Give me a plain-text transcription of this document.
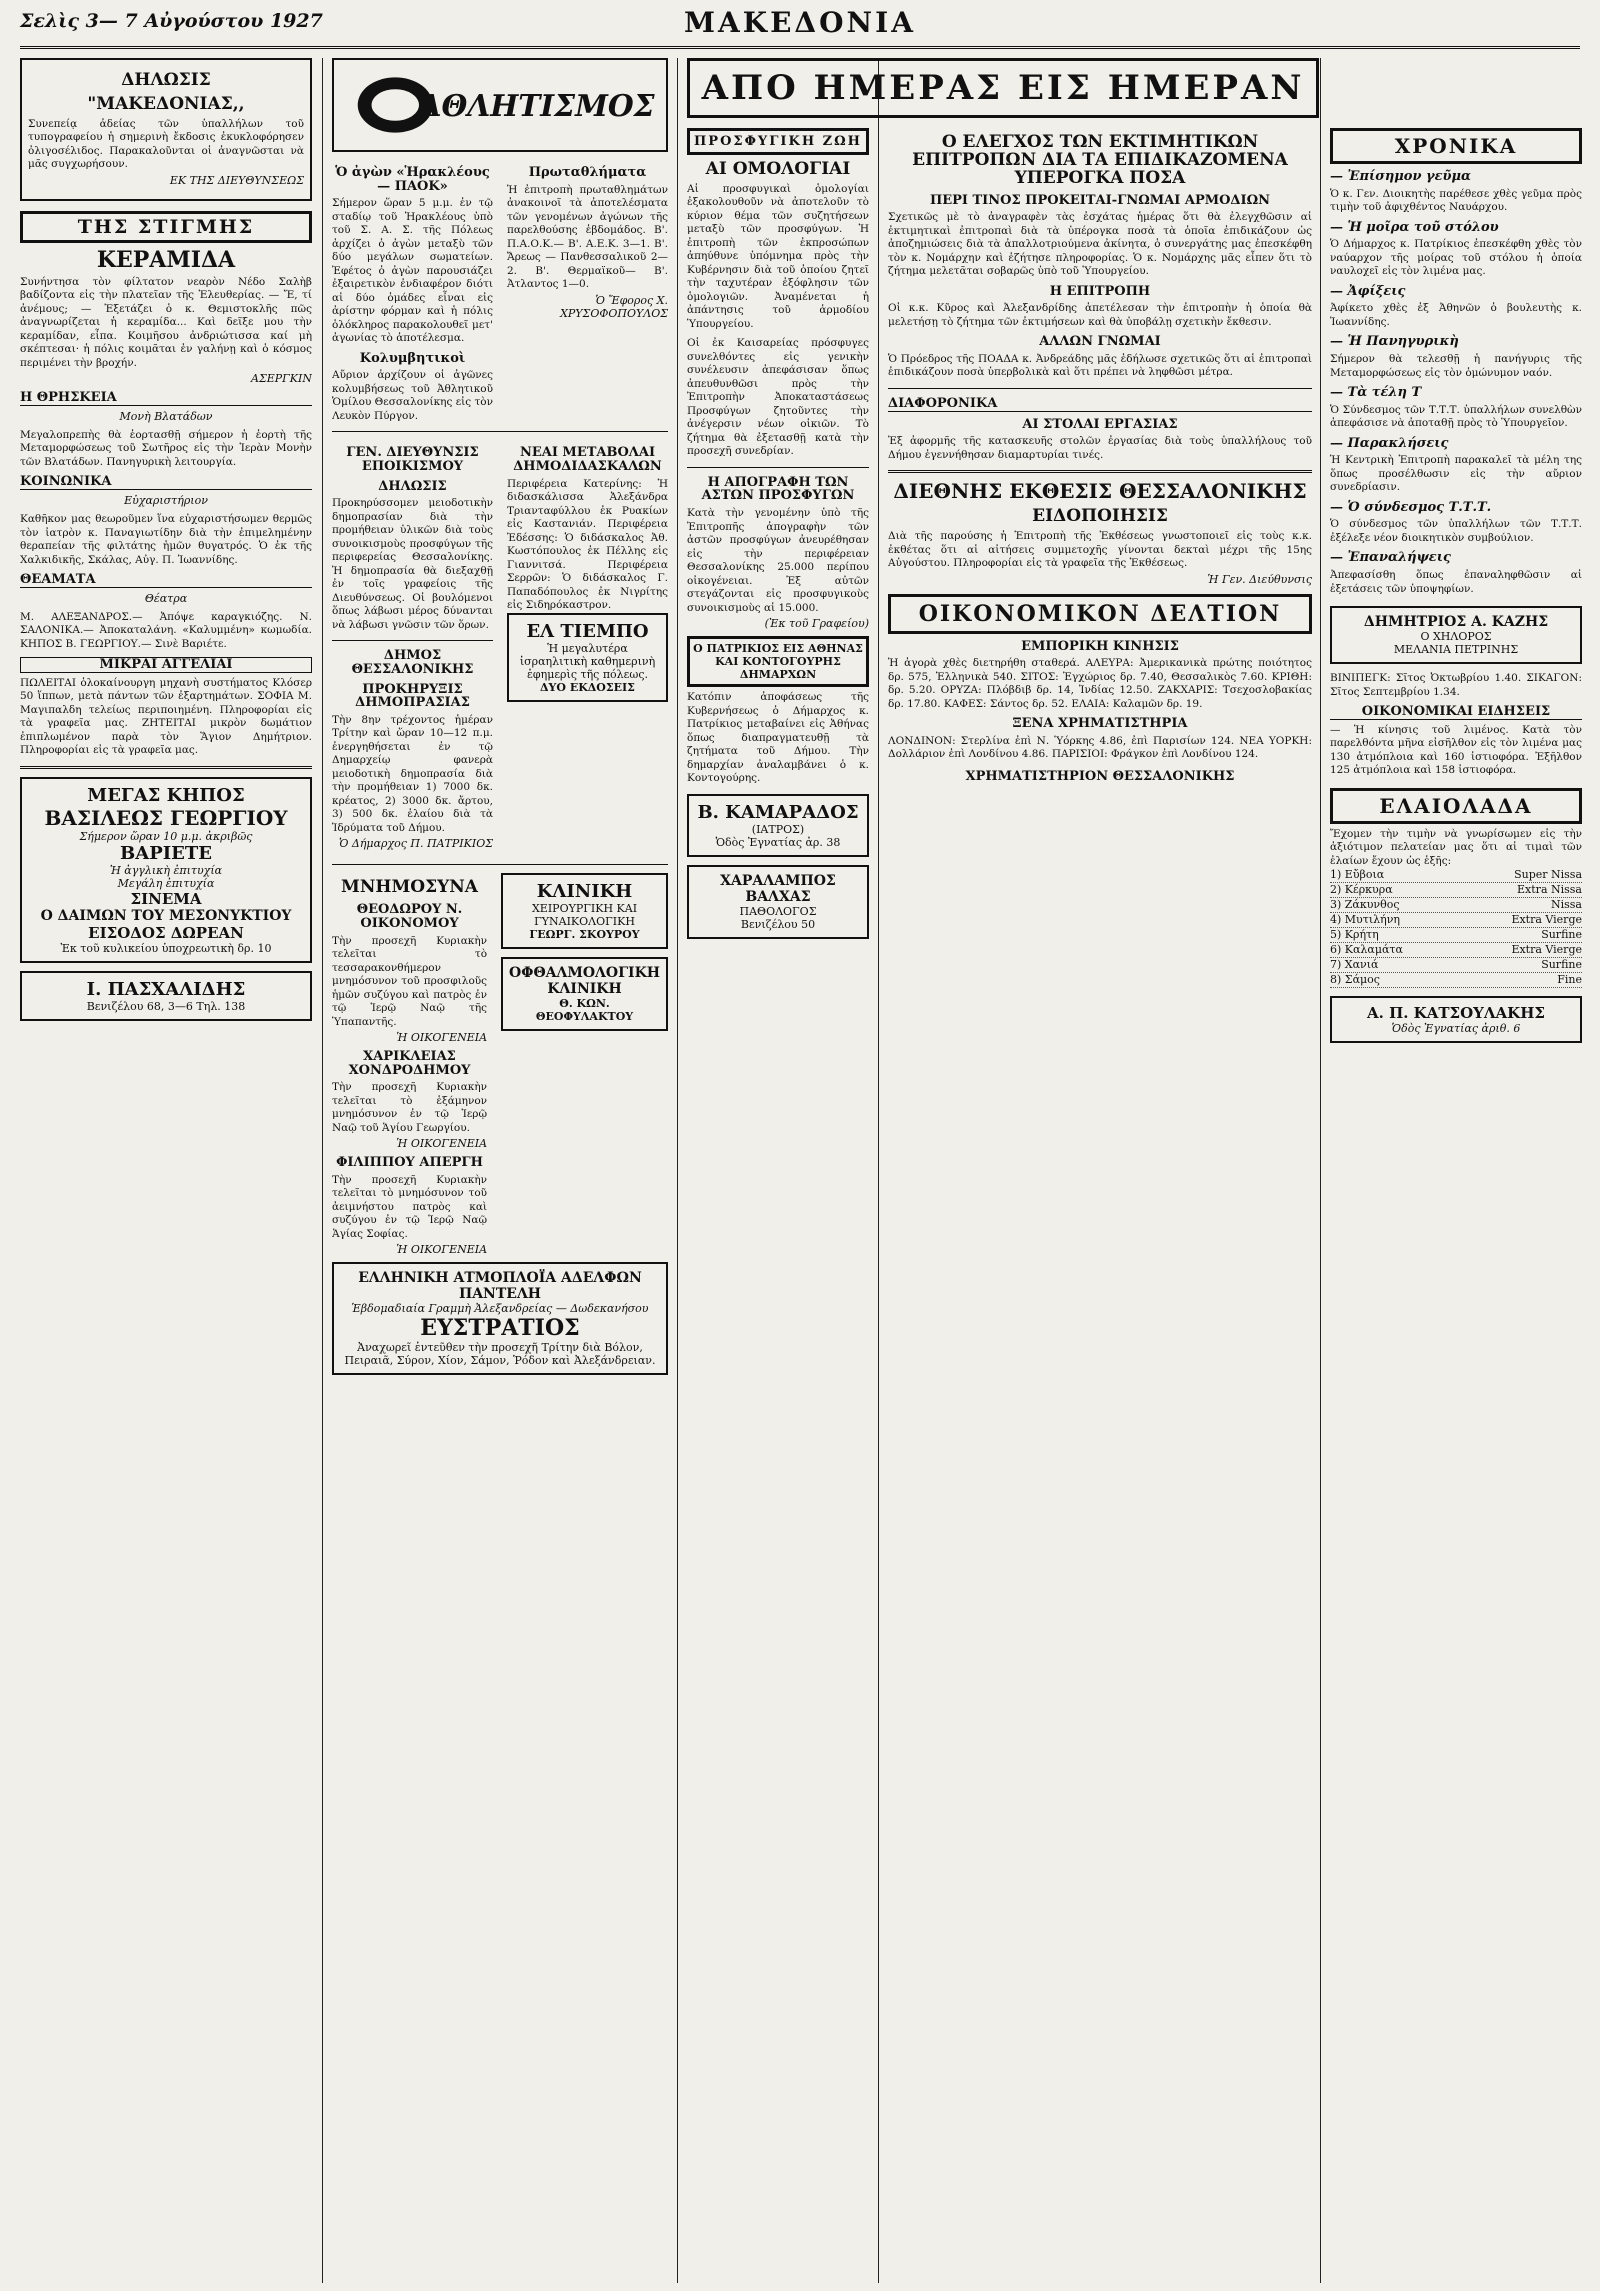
Σελὶς 3— 7 Αὐγούστου 1927	ΜΑΚΕΔΟΝΙΑ
ΔΗΛΩΣΙΣ
"ΜΑΚΕΔΟΝΙΑΣ,,
Συνεπείᾳ ἀδείας τῶν ὑπαλλήλων τοῦ τυπογραφείου ἡ σημερινὴ ἔκδοσις ἐκυκλοφόρησεν ὀλιγοσέλιδος. Παρακαλοῦνται οἱ ἀναγνῶσται νὰ μᾶς συγχωρήσουν.
ΕΚ ΤΗΣ ΔΙΕΥΘΥΝΣΕΩΣ
ΤΗΣ ΣΤΙΓΜΗΣ
ΚΕΡΑΜΙΔΑ
Συνήντησα τὸν φίλτατον νεαρὸν Νέδο Σαλὴβ βαδίζοντα εἰς τὴν πλατεῖαν τῆς Ἐλευθερίας. — Ἔ, τί ἀνέμους; — Ἐξετάζει ὁ κ. Θεμιστοκλῆς πῶς ἀναγνωρίζεται ἡ κεραμίδα... Καὶ δεῖξε μου τὴν κεραμίδαν, εἶπα. Κοιμῆσου ἀνδριώτισσα καί μὴ σκέπτεσαι· ἡ πόλις κοιμᾶται ἐν γαλήνῃ καὶ ὁ κόσμος περιμένει τὴν βροχήν.
ΑΣΕΡΓΚΙΝ
Η ΘΡΗΣΚΕΙΑ
Μονὴ Βλατάδων
Μεγαλοπρεπὴς θὰ ἑορτασθῇ σήμερον ἡ ἑορτὴ τῆς Μεταμορφώσεως τοῦ Σωτῆρος εἰς τὴν Ἱερὰν Μονὴν τῶν Βλατάδων. Πανηγυρικὴ λειτουργία.
ΚΟΙΝΩΝΙΚΑ
Εὐχαριστήριον
Καθῆκον μας θεωροῦμεν ἵνα εὐχαριστήσωμεν θερμῶς τὸν ἰατρὸν κ. Παναγιωτίδην διὰ τὴν ἐπιμελημένην θεραπείαν τῆς φιλτάτης ἡμῶν θυγατρός. Ὁ ἐκ τῆς Χαλκιδικῆς, Σκάλας, Αὐγ. Π. Ἰωαννίδης.
ΘΕΑΜΑΤΑ
Θέατρα
Μ. ΑΛΕΞΑΝΔΡΟΣ.— Ἀπόψε καραγκιόζης. Ν. ΣΑΛΟΝΙΚΑ.— Ἀποκαταλάνη. «Καλυμμένη» κωμωδία. ΚΗΠΟΣ Β. ΓΕΩΡΓΙΟΥ.— Σινὲ Βαριέτε.
ΜΙΚΡΑΙ ΑΓΓΕΛΙΑΙ
ΠΩΛΕΙΤΑΙ ὁλοκαίνουργη μηχανὴ συστήματος Κλόσερ 50 ἵππων, μετὰ πάντων τῶν ἐξαρτημάτων. ΣΟΦΙΑ Μ. Μαγιπαλδη τελείως περιποιημένη. Πληροφορίαι εἰς τὰ γραφεῖα μας. ΖΗΤΕΙΤΑΙ μικρὸν δωμάτιον ἐπιπλωμένον παρὰ τὸν Ἅγιον Δημήτριον. Πληροφορίαι εἰς τὰ γραφεῖα μας.
ΜΕΓΑΣ ΚΗΠΟΣ
ΒΑΣΙΛΕΩΣ ΓΕΩΡΓΙΟΥ
Σήμερον ὥραν 10 μ.μ. ἀκριβῶς
ΒΑΡΙΕΤΕ
Ἡ ἀγγλικὴ ἐπιτυχία
Μεγάλη ἐπιτυχία
ΣΙΝΕΜΑ
Ο ΔΑΙΜΩΝ ΤΟΥ ΜΕΣΟΝΥΚΤΙΟΥ
ΕΙΣΟΔΟΣ ΔΩΡΕΑΝ
Ἐκ τοῦ κυλικείου ὑποχρεωτικὴ δρ. 10
Ι. ΠΑΣΧΑΛΙΔΗΣ
Βενιζέλου 68, 3—6 Τηλ. 138
ΑΘΛΗΤΙΣΜΟΣ
Ὁ ἀγὼν «Ἡρακλέους — ΠΑΟΚ»
Σήμερον ὥραν 5 μ.μ. ἐν τῷ σταδίῳ τοῦ Ἡρακλέους ὑπὸ τοῦ Σ. Α. Σ. τῆς Πόλεως ἀρχίζει ὁ ἀγὼν μεταξὺ τῶν δύο μεγάλων σωματείων. Ἐφέτος ὁ ἀγὼν παρουσιάζει ἐξαιρετικὸν ἐνδιαφέρον διότι αἱ δύο ὁμάδες εἶναι εἰς ἀρίστην φόρμαν καὶ ἡ πόλις ὁλόκληρος παρακολουθεῖ μετ' ἀγωνίας τὸ ἀποτέλεσμα.
Κολυμβητικοὶ
Αὔριον ἀρχίζουν οἱ ἀγῶνες κολυμβήσεως τοῦ Ἀθλητικοῦ Ὁμίλου Θεσσαλονίκης εἰς τὸν Λευκὸν Πύργον.
Πρωταθλήματα
Ἡ ἐπιτροπὴ πρωταθλημάτων ἀνακοινοῖ τὰ ἀποτελέσματα τῶν γενομένων ἀγώνων τῆς παρελθούσης ἑβδομάδος. Β'. Π.Α.Ο.Κ.— Β'. Α.Ε.Κ. 3—1. Β'. Ἄρεως — Πανθεσσαλικοῦ 2—2. Β'. Θερμαϊκοῦ— Β'. Ἀτλαντος 1—0.
Ὁ Ἔφορος Χ. ΧΡΥΣΟΦΟΠΟΥΛΟΣ
ΓΕΝ. ΔΙΕΥΘΥΝΣΙΣ ΕΠΟΙΚΙΣΜΟΥ
ΔΗΛΩΣΙΣ
Προκηρύσσομεν μειοδοτικὴν δημοπρασίαν διὰ τὴν προμήθειαν ὑλικῶν διὰ τοὺς συνοικισμοὺς προσφύγων τῆς περιφερείας Θεσσαλονίκης. Ἡ δημοπρασία θὰ διεξαχθῇ ἐν τοῖς γραφείοις τῆς Διευθύνσεως. Οἱ βουλόμενοι ὅπως λάβωσι μέρος δύνανται νὰ λάβωσι γνῶσιν τῶν ὅρων.
ΔΗΜΟΣ ΘΕΣΣΑΛΟΝΙΚΗΣ
ΠΡΟΚΗΡΥΞΙΣ ΔΗΜΟΠΡΑΣΙΑΣ
Τὴν 8ην τρέχοντος ἡμέραν Τρίτην καὶ ὥραν 10—12 π.μ. ἐνεργηθήσεται ἐν τῷ Δημαρχείῳ φανερὰ μειοδοτικὴ δημοπρασία διὰ τὴν προμήθειαν 1) 7000 δκ. κρέατος, 2) 3000 δκ. ἄρτου, 3) 500 δκ. ἐλαίου διὰ τὰ Ἱδρύματα τοῦ Δήμου.
Ὁ Δήμαρχος Π. ΠΑΤΡΙΚΙΟΣ
ΝΕΑΙ ΜΕΤΑΒΟΛΑΙ ΔΗΜΟΔΙΔΑΣΚΑΛΩΝ
Περιφέρεια Κατερίνης: Ἡ διδασκάλισσα Ἀλεξάνδρα Τριανταφύλλου ἐκ Ρυακίων εἰς Καστανιάν. Περιφέρεια Ἐδέσσης: Ὁ διδάσκαλος Ἀθ. Κωστόπουλος ἐκ Πέλλης εἰς Γιαννιτσά. Περιφέρεια Σερρῶν: Ὁ διδάσκαλος Γ. Παπαδόπουλος ἐκ Νιγρίτης εἰς Σιδηρόκαστρον.
ΕΛ ΤΙΕΜΠΟ
Ἡ μεγαλυτέρα ἰσραηλιτικὴ καθημερινὴ ἐφημερὶς τῆς πόλεως.
ΔΥΟ ΕΚΔΟΣΕΙΣ
ΜΝΗΜΟΣΥΝΑ
ΘΕΟΔΩΡΟΥ Ν. ΟΙΚΟΝΟΜΟΥ
Τὴν προσεχῆ Κυριακὴν τελεῖται τὸ τεσσαρακονθήμερον μνημόσυνον τοῦ προσφιλοῦς ἡμῶν συζύγου καὶ πατρὸς ἐν τῷ Ἱερῷ Ναῷ τῆς Ὑπαπαντῆς.
Ἡ ΟΙΚΟΓΕΝΕΙΑ
ΧΑΡΙΚΛΕΙΑΣ ΧΟΝΔΡΟΔΗΜΟΥ
Τὴν προσεχῆ Κυριακὴν τελεῖται τὸ ἑξάμηνον μνημόσυνον ἐν τῷ Ἱερῷ Ναῷ τοῦ Ἁγίου Γεωργίου.
Ἡ ΟΙΚΟΓΕΝΕΙΑ
ΦΙΛΙΠΠΟΥ ΑΠΕΡΓΗ
Τὴν προσεχῆ Κυριακὴν τελεῖται τὸ μνημόσυνον τοῦ ἀειμνήστου πατρὸς καὶ συζύγου ἐν τῷ Ἱερῷ Ναῷ Ἁγίας Σοφίας.
Ἡ ΟΙΚΟΓΕΝΕΙΑ
ΚΛΙΝΙΚΗ
ΧΕΙΡΟΥΡΓΙΚΗ ΚΑΙ ΓΥΝΑΙΚΟΛΟΓΙΚΗ
ΓΕΩΡΓ. ΣΚΟΥΡΟΥ
ΟΦΘΑΛΜΟΛΟΓΙΚΗ ΚΛΙΝΙΚΗ
Θ. ΚΩΝ. ΘΕΟΦΥΛΑΚΤΟΥ
ΕΛΛΗΝΙΚΗ ΑΤΜΟΠΛΟΪΑ ΑΔΕΛΦΩΝ ΠΑΝΤΕΛΗ
Ἑβδομαδιαία Γραμμὴ Ἀλεξανδρείας — Δωδεκανήσου
ΕΥΣΤΡΑΤΙΟΣ
Ἀναχωρεῖ ἐντεῦθεν τὴν προσεχῆ Τρίτην διὰ Βόλον, Πειραιᾶ, Σύρον, Χίον, Σάμον, Ῥόδον καὶ Ἀλεξάνδρειαν.
ΑΠΟ ΗΜΕΡΑΣ ΕΙΣ ΗΜΕΡΑΝ
ΠΡΟΣΦΥΓΙΚΗ ΖΩΗ
ΑΙ ΟΜΟΛΟΓΙΑΙ
Αἱ προσφυγικαὶ ὁμολογίαι ἐξακολουθοῦν νὰ ἀποτελοῦν τὸ κύριον θέμα τῶν συζητήσεων μεταξὺ τῶν προσφύγων. Ἡ ἐπιτροπὴ τῶν ἐκπροσώπων ἀπηύθυνε ὑπόμνημα πρὸς τὴν Κυβέρνησιν διὰ τοῦ ὁποίου ζητεῖ τὴν ταχυτέραν ἐξόφλησιν τῶν ὁμολογιῶν. Ἀναμένεται ἡ ἀπάντησις τοῦ ἁρμοδίου Ὑπουργείου.
Οἱ ἐκ Καισαρείας πρόσφυγες συνελθόντες εἰς γενικὴν συνέλευσιν ἀπεφάσισαν ὅπως ἀπευθυνθῶσι πρὸς τὴν Ἐπιτροπὴν Ἀποκαταστάσεως Προσφύγων ζητοῦντες τὴν ἀνέγερσιν νέων οἰκιῶν. Τὸ ζήτημα θὰ ἐξετασθῇ κατὰ τὴν προσεχῆ συνεδρίαν.
Η ΑΠΟΓΡΑΦΗ ΤΩΝ ΑΣΤΩΝ ΠΡΟΣΦΥΓΩΝ
Κατὰ τὴν γενομένην ὑπὸ τῆς Ἐπιτροπῆς ἀπογραφὴν τῶν ἀστῶν προσφύγων ἀνευρέθησαν εἰς τὴν περιφέρειαν Θεσσαλονίκης 25.000 περίπου οἰκογένειαι. Ἐξ αὐτῶν στεγάζονται εἰς προσφυγικοὺς συνοικισμοὺς αἱ 15.000.
(Ἐκ τοῦ Γραφείου)
Ο ΠΑΤΡΙΚΙΟΣ ΕΙΣ ΑΘΗΝΑΣ ΚΑΙ ΚΟΝΤΟΓΟΥΡΗΣ ΔΗΜΑΡΧΩΝ
Κατόπιν ἀποφάσεως τῆς Κυβερνήσεως ὁ Δήμαρχος κ. Πατρίκιος μεταβαίνει εἰς Ἀθήνας ὅπως διαπραγματευθῇ τὰ ζητήματα τοῦ Δήμου. Τὴν δημαρχίαν ἀναλαμβάνει ὁ κ. Κοντογούρης.
Β. ΚΑΜΑΡΑΔΟΣ
(ΙΑΤΡΟΣ)
Ὁδὸς Ἐγνατίας ἀρ. 38
ΧΑΡΑΛΑΜΠΟΣ ΒΑΛΧΑΣ
ΠΑΘΟΛΟΓΟΣ
Βενιζέλου 50
Ο ΕΛΕΓΧΟΣ ΤΩΝ ΕΚΤΙΜΗΤΙΚΩΝ ΕΠΙΤΡΟΠΩΝ ΔΙΑ ΤΑ ΕΠΙΔΙΚΑΖΟΜΕΝΑ ΥΠΕΡΟΓΚΑ ΠΟΣΑ
ΠΕΡΙ ΤΙΝΟΣ ΠΡΟΚΕΙΤΑΙ-ΓΝΩΜΑΙ ΑΡΜΟΔΙΩΝ
Σχετικῶς μὲ τὸ ἀναγραφὲν τὰς ἐσχάτας ἡμέρας ὅτι θὰ ἐλεγχθῶσιν αἱ ἐκτιμητικαὶ ἐπιτροπαὶ διὰ τὰ ὑπέρογκα ποσὰ τὰ ὁποῖα ἐπιδικάζουν ὡς ἀποζημιώσεις διὰ τὰ ἀπαλλοτριούμενα ἀκίνητα, ὁ συνεργάτης μας ἐπεσκέφθη τὸν κ. Νομάρχην καὶ ἐζήτησε πληροφορίας. Ὁ κ. Νομάρχης μᾶς εἶπεν ὅτι τὸ ζήτημα μελετᾶται σοβαρῶς ὑπὸ τοῦ Ὑπουργείου.
Η ΕΠΙΤΡΟΠΗ
Οἱ κ.κ. Κῦρος καὶ Ἀλεξανδρίδης ἀπετέλεσαν τὴν ἐπιτροπὴν ἡ ὁποία θὰ μελετήσῃ τὸ ζήτημα τῶν ἐκτιμήσεων καὶ θὰ ὑποβάλῃ σχετικὴν ἔκθεσιν.
ΑΛΛΩΝ ΓΝΩΜΑΙ
Ὁ Πρόεδρος τῆς ΠΟΑΔΑ κ. Ἀνδρεάδης μᾶς ἐδήλωσε σχετικῶς ὅτι αἱ ἐπιτροπαὶ ἐπιδικάζουν ποσὰ ὑπερβολικὰ καὶ ὅτι πρέπει νὰ ληφθῶσι μέτρα.
ΔΙΑΦΟΡΟΝΙΚΑ
ΑΙ ΣΤΟΛΑΙ ΕΡΓΑΣΙΑΣ
Ἐξ ἀφορμῆς τῆς κατασκευῆς στολῶν ἐργασίας διὰ τοὺς ὑπαλλήλους τοῦ Δήμου ἐγεννήθησαν διαμαρτυρίαι τινές.
ΔΙΕΘΝΗΣ ΕΚΘΕΣΙΣ ΘΕΣΣΑΛΟΝΙΚΗΣ
ΕΙΔΟΠΟΙΗΣΙΣ
Διὰ τῆς παρούσης ἡ Ἐπιτροπὴ τῆς Ἐκθέσεως γνωστοποιεῖ εἰς τοὺς κ.κ. ἐκθέτας ὅτι αἱ αἰτήσεις συμμετοχῆς γίνονται δεκταὶ μέχρι τῆς 15ης Αὐγούστου. Πληροφορίαι εἰς τὰ γραφεῖα τῆς Ἐκθέσεως.
Ἡ Γεν. Διεύθυνσις
ΟΙΚΟΝΟΜΙΚΟΝ ΔΕΛΤΙΟΝ
ΕΜΠΟΡΙΚΗ ΚΙΝΗΣΙΣ
Ἡ ἀγορὰ χθὲς διετηρήθη σταθερά. ΑΛΕΥΡΑ: Ἀμερικανικὰ πρώτης ποιότητος δρ. 575, Ἑλληνικὰ 540. ΣΙΤΟΣ: Ἐγχώριος δρ. 7.40, Θεσσαλικὸς 7.60. ΚΡΙΘΗ: δρ. 5.20. ΟΡΥΖΑ: Πλόβδιβ δρ. 14, Ἰνδίας 12.50. ΖΑΚΧΑΡΙΣ: Τσεχοσλοβακίας δρ. 17.80. ΚΑΦΕΣ: Σάντος δρ. 52. ΕΛΑΙΑ: Καλαμῶν δρ. 19.
ΞΕΝΑ ΧΡΗΜΑΤΙΣΤΗΡΙΑ
ΛΟΝΔΙΝΟΝ: Στερλίνα ἐπὶ Ν. Ὑόρκης 4.86, ἐπὶ Παρισίων 124. ΝΕΑ ΥΟΡΚΗ: Δολλάριον ἐπὶ Λονδίνου 4.86. ΠΑΡΙΣΙΟΙ: Φράγκον ἐπὶ Λονδίνου 124.
ΧΡΗΜΑΤΙΣΤΗΡΙΟΝ ΘΕΣΣΑΛΟΝΙΚΗΣ
ΧΡΟΝΙΚΑ
— Ἐπίσημον γεῦμα
Ὁ κ. Γεν. Διοικητὴς παρέθεσε χθὲς γεῦμα πρὸς τιμὴν τοῦ ἀφιχθέντος Ναυάρχου.
— Ἡ μοῖρα τοῦ στόλου
Ὁ Δήμαρχος κ. Πατρίκιος ἐπεσκέφθη χθὲς τὸν ναύαρχον τῆς μοίρας τοῦ στόλου ἡ ὁποία ναυλοχεῖ εἰς τὸν λιμένα μας.
— Ἀφίξεις
Ἀφίκετο χθὲς ἐξ Ἀθηνῶν ὁ βουλευτὴς κ. Ἰωαννίδης.
— Ἡ Πανηγυρικὴ
Σήμερον θὰ τελεσθῇ ἡ πανήγυρις τῆς Μεταμορφώσεως εἰς τὸν ὁμώνυμον ναόν.
— Τὰ τέλη Τ
Ὁ Σύνδεσμος τῶν Τ.Τ.Τ. ὑπαλλήλων συνελθὼν ἀπεφάσισε νὰ ἀποταθῇ πρὸς τὸ Ὑπουργεῖον.
— Παρακλήσεις
Ἡ Κεντρικὴ Ἐπιτροπὴ παρακαλεῖ τὰ μέλη της ὅπως προσέλθωσιν εἰς τὴν αὔριον συνεδρίασιν.
— Ὁ σύνδεσμος Τ.Τ.Τ.
Ὁ σύνδεσμος τῶν ὑπαλλήλων τῶν Τ.Τ.Τ. ἐξέλεξε νέον διοικητικὸν συμβούλιον.
— Ἐπαναλήψεις
Ἀπεφασίσθη ὅπως ἐπαναληφθῶσιν αἱ ἐξετάσεις τῶν ὑποψηφίων.
ΔΗΜΗΤΡΙΟΣ Α. ΚΑΖΗΣ
Ο ΧΗΛΟΡΟΣ
ΜΕΛΑΝΙΑ ΠΕΤΡΙΝΗΣ
ΒΙΝΙΠΕΓΚ: Σῖτος Ὀκτωβρίου 1.40. ΣΙΚΑΓΟΝ: Σῖτος Σεπτεμβρίου 1.34.
ΟΙΚΟΝΟΜΙΚΑΙ ΕΙΔΗΣΕΙΣ
— Ἡ κίνησις τοῦ λιμένος. Κατὰ τὸν παρελθόντα μῆνα εἰσῆλθον εἰς τὸν λιμένα μας 130 ἀτμόπλοια καὶ 160 ἱστιοφόρα. Ἐξῆλθον 125 ἀτμόπλοια καὶ 158 ἱστιοφόρα.
ΕΛΑΙΟΛΑΔΑ
Ἔχομεν τὴν τιμὴν νὰ γνωρίσωμεν εἰς τὴν ἀξιότιμον πελατείαν μας ὅτι αἱ τιμαὶ τῶν ἐλαίων ἔχουν ὡς ἑξῆς:
1) Εὔβοια	Super Nissa
2) Κέρκυρα	Extra Nissa
3) Ζάκυνθος	Nissa
4) Μυτιλήνη	Extra Vierge
5) Κρήτη	Surfine
6) Καλαμάτα	Extra Vierge
7) Χανιά	Surfine
8) Σάμος	Fine
Α. Π. ΚΑΤΣΟΥΛΑΚΗΣ
Ὁδὸς Ἐγνατίας ἀριθ. 6
